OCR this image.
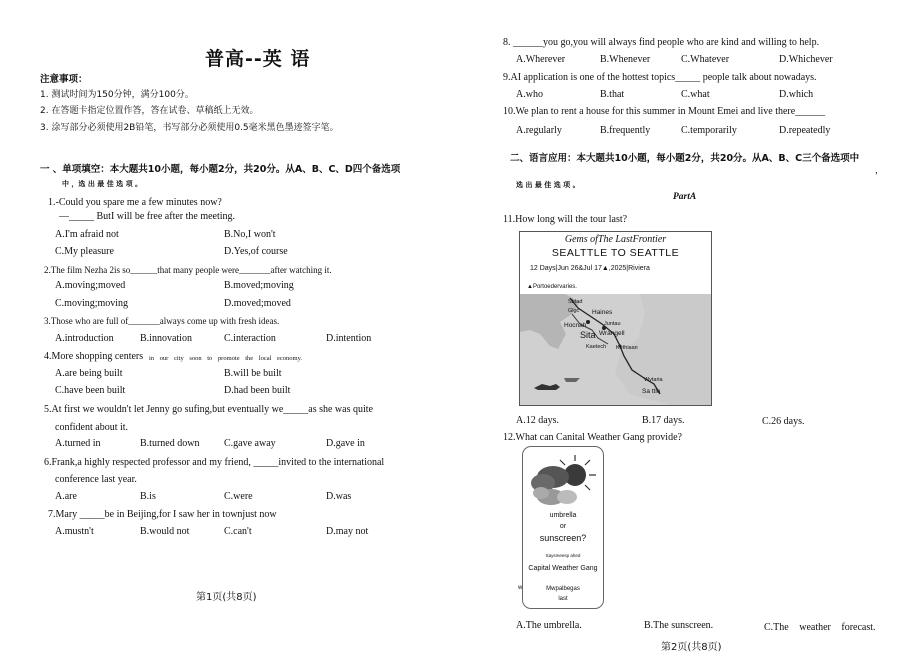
普高--英 语
注意事项：
1. 测试时间为150分钟，满分100分。
2. 在答题卡指定位置作答，答在试卷、草稿纸上无效。
3. 涂写部分必须使用2B铅笔，书写部分必须使用0.5毫米黑色墨迹签字笔。
一 、单项填空：本大题共10小题，每小题2分，共20分。从A、B、C、D四个备选项
中 ，选 出 最 佳 选 项 。
1.-Could you spare me a few minutes now?
—_____ ButI will be free after the meeting.
A.I'm afraid not	B.No,I won't
C.My pleasure	D.Yes,of course
2.The film Nezha 2is so______that many people were_______after watching it.
A.moving;moved	B.moved;moving
C.moving;moving	D.moved;moved
3.Those who are full of_______always come up with fresh ideas.
A.introduction	B.innovation	C.interaction	D.intention
4.More shopping centers in our city soon to promote the local economy.
A.are being built	B.will be built
C.have been built	D.had been built
5.At first we wouldn't let Jenny go sufing,but eventually we_____as she was quite
confident about it.
A.turned in	B.turned down C.gave away	D.gave in
6.Frank,a highly respected professor and my friend, _____invited to the international
conference last year.
A.are	B.is	C.were	D.was
7.Mary _____be in Beijing,for I saw her in townjust now
A.mustn't	B.would not	C.can't	D.may not
第1页(共8页)
8. ______you go,you will always find people who are kind and willing to help.
A.Wherever	B.Whenever	C.Whatever	D.Whichever
9.AI application is one of the hottest topics_____ people talk about nowadays.
A.who	B.that	C.what	D.which
10.We plan to rent a house for this summer in Mount Emei and live there______
A.regularly	B.frequently	C.temporarily	D.repeatedly
二、语言应用：本大题共10小题，每小题2分，共20分。从A、B、C三个备选项中
，
选 出 最 佳 选 项 。
PartA
11.How long will the tour last?
Gems ofThe LastFrontier
SEALTTLE TO SEATTLE
12 Days|Jun 26&Jul 17▲,2025|Riviera
▲Portoedervaries.
Sbtad
Glgc Haines
Hocnah	Juntau
Sita Wrangell
Kaetech Kethiaan
Wytaria
Sa ttle
A.12 days.	B.17 days.	C.26 days.
12.What can Canital Weather Gang provide?
umbrella
or
sunscreen?
Saysmeesp ahed
Capital Weather Gang
Mwpalbegas
last
w
A.The umbrella.	B.The sunscreen.	C.The weather forecast.
第2页(共8页)
